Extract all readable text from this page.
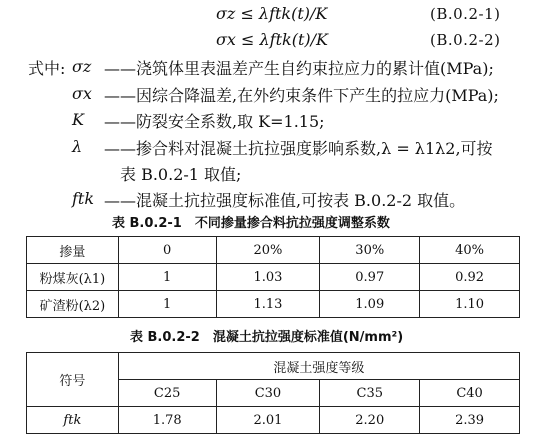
σz ≤ λftk(t)/K	(B.0.2-1)
σx ≤ λftk(t)/K	(B.0.2-2)
式中: σz ——浇筑体里表温差产生自约束拉应力的累计值(MPa);
σx ——因综合降温差,在外约束条件下产生的拉应力(MPa);
K ——防裂安全系数,取 K=1.15;
λ ——掺合料对混凝土抗拉强度影响系数,λ = λ1λ2,可按
表 B.0.2-1 取值;
ftk ——混凝土抗拉强度标准值,可按表 B.0.2-2 取值。
表 B.0.2-1　不同掺量掺合料抗拉强度调整系数
掺量	0	20%	30%	40%
粉煤灰(λ1)	1	1.03	0.97	0.92
矿渣粉(λ2)	1	1.13	1.09	1.10
表 B.0.2-2　混凝土抗拉强度标准值(N/mm²)
符号	混凝土强度等级			
	C25	C30	C35	C40
ftk	1.78	2.01	2.20	2.39
